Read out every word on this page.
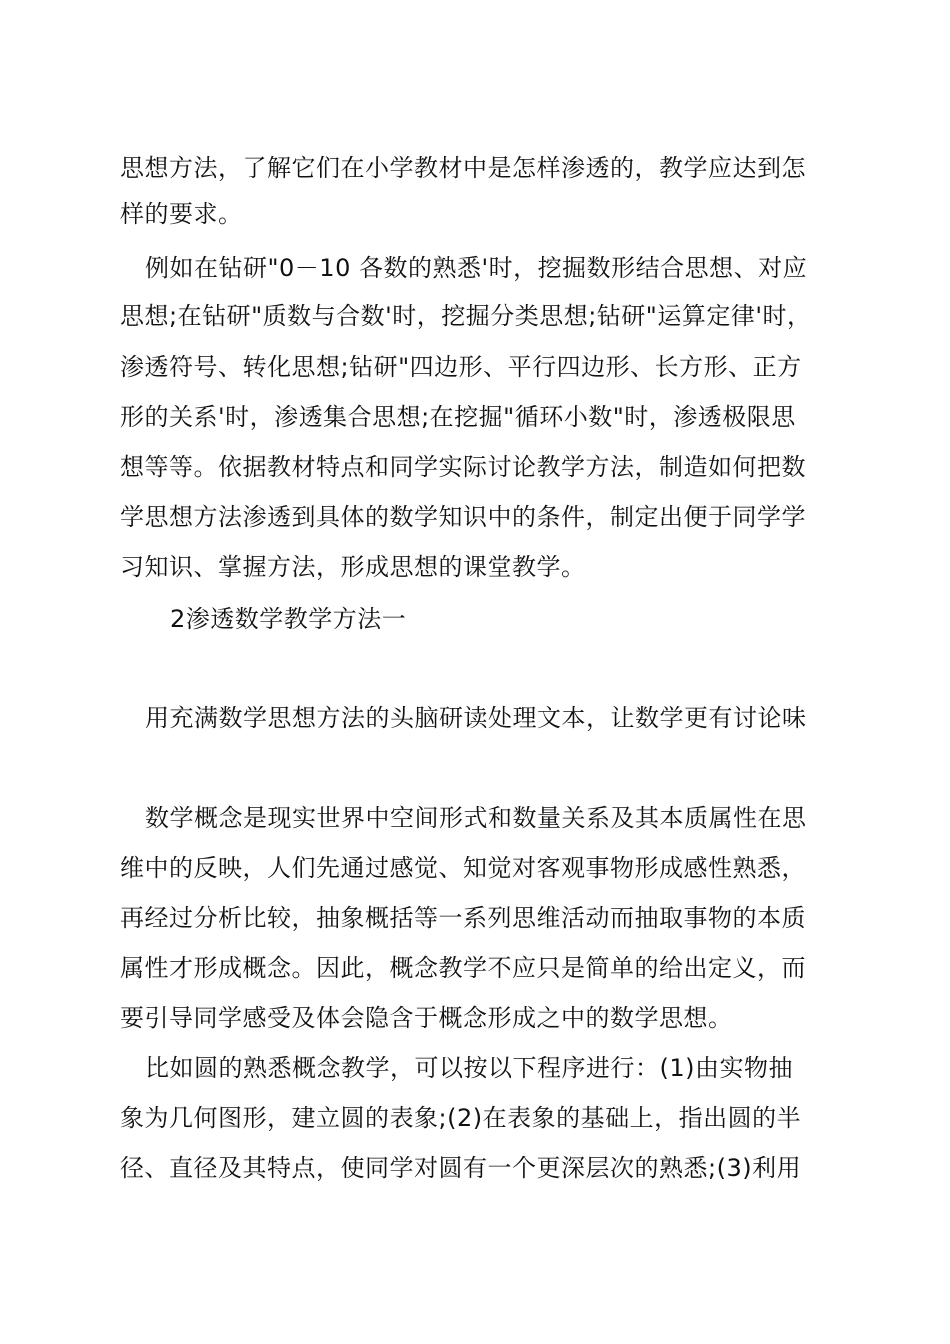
思想方法，了解它们在小学教材中是怎样渗透的，教学应达到怎
样的要求。
例如在钻研"0－10 各数的熟悉'时，挖掘数形结合思想、对应
思想;在钻研"质数与合数'时，挖掘分类思想;钻研"运算定律'时，
渗透符号、转化思想;钻研"四边形、平行四边形、长方形、正方
形的关系'时，渗透集合思想;在挖掘"循环小数"时，渗透极限思
想等等。依据教材特点和同学实际讨论教学方法，制造如何把数
学思想方法渗透到具体的数学知识中的条件，制定出便于同学学
习知识、掌握方法，形成思想的课堂教学。
2渗透数学教学方法一
用充满数学思想方法的头脑研读处理文本，让数学更有讨论味
数学概念是现实世界中空间形式和数量关系及其本质属性在思
维中的反映，人们先通过感觉、知觉对客观事物形成感性熟悉，
再经过分析比较，抽象概括等一系列思维活动而抽取事物的本质
属性才形成概念。因此，概念教学不应只是简单的给出定义，而
要引导同学感受及体会隐含于概念形成之中的数学思想。
比如圆的熟悉概念教学，可以按以下程序进行：(1)由实物抽
象为几何图形，建立圆的表象;(2)在表象的基础上，指出圆的半
径、直径及其特点，使同学对圆有一个更深层次的熟悉;(3)利用
